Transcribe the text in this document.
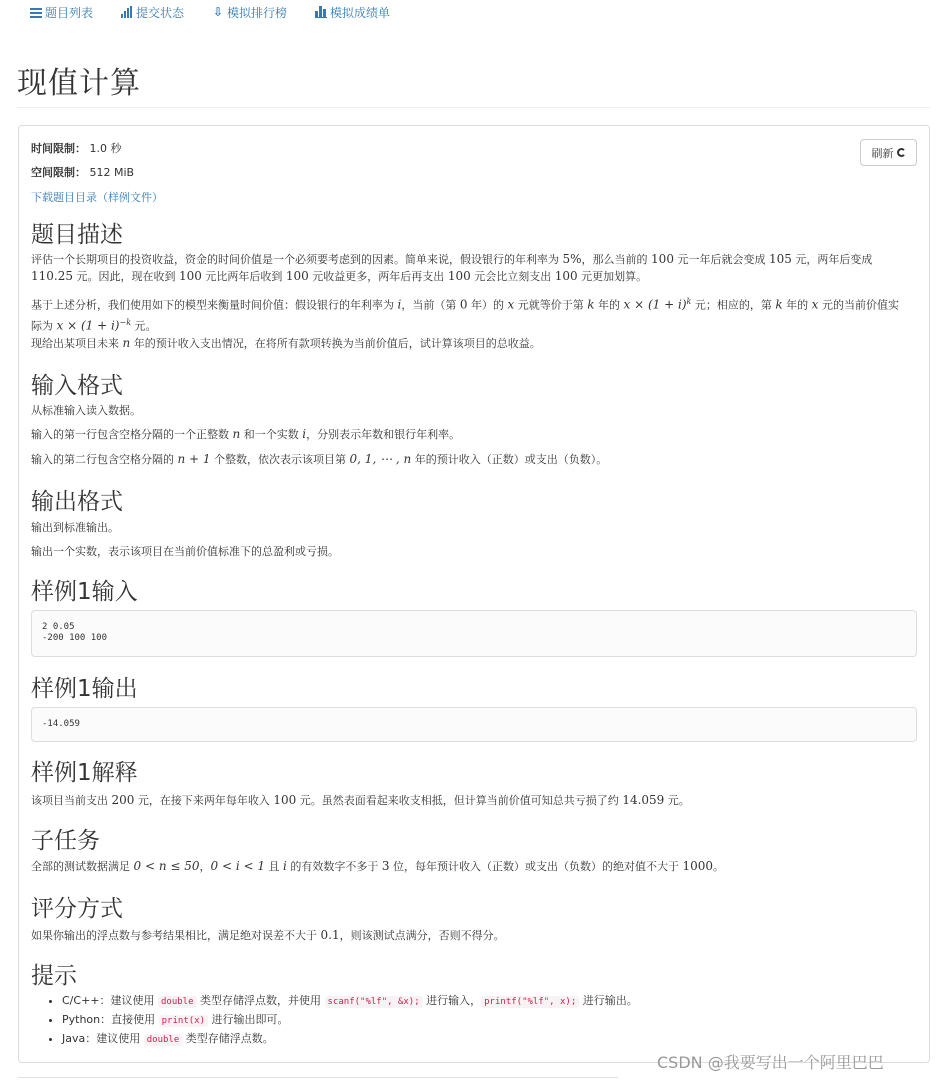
题目列表	提交状态 ⇩ 模拟排行榜	模拟成绩单
现值计算
时间限制： 1.0 秒
空间限制： 512 MiB
下载题目目录（样例文件）
刷新
题目描述
评估一个长期项目的投资收益，资金的时间价值是一个必须要考虑到的因素。简单来说，假设银行的年利率为 5%，那么当前的 100 元一年后就会变成 105 元，两年后变成
110.25 元。因此，现在收到 100 元比两年后收到 100 元收益更多，两年后再支出 100 元会比立刻支出 100 元更加划算。
基于上述分析，我们使用如下的模型来衡量时间价值：假设银行的年利率为 i，当前（第 0 年）的 x 元就等价于第 k 年的 $x \times (1 + i)^k$ 元；相应的，第 k 年的 x 元的当前价值实
际为 $x \times (1 + i)^{-k}$ 元。
现给出某项目未来 n 年的预计收入支出情况，在将所有款项转换为当前价值后，试计算该项目的总收益。
输入格式
从标准输入读入数据。
输入的第一行包含空格分隔的一个正整数 n 和一个实数 i，分别表示年数和银行年利率。
输入的第二行包含空格分隔的 n + 1 个整数，依次表示该项目第 0, 1, ⋯ , n 年的预计收入（正数）或支出（负数）。
输出格式
输出到标准输出。
输出一个实数，表示该项目在当前价值标准下的总盈利或亏损。
样例1输入
2 0.05
-200 100 100
样例1输出
-14.059
样例1解释
该项目当前支出 200 元，在接下来两年每年收入 100 元。虽然表面看起来收支相抵，但计算当前价值可知总共亏损了约 14.059 元。
子任务
全部的测试数据满足 0 < n ≤ 50，0 < i < 1 且 i 的有效数字不多于 3 位，每年预计收入（正数）或支出（负数）的绝对值不大于 1000。
评分方式
如果你输出的浮点数与参考结果相比，满足绝对误差不大于 0.1，则该测试点满分，否则不得分。
提示
• C/C++：建议使用 double 类型存储浮点数，并使用 scanf("%lf", &x); 进行输入， printf("%lf", x); 进行输出。
• Python：直接使用 print(x) 进行输出即可。
• Java：建议使用 double 类型存储浮点数。
CSDN @我要写出一个阿里巴巴
